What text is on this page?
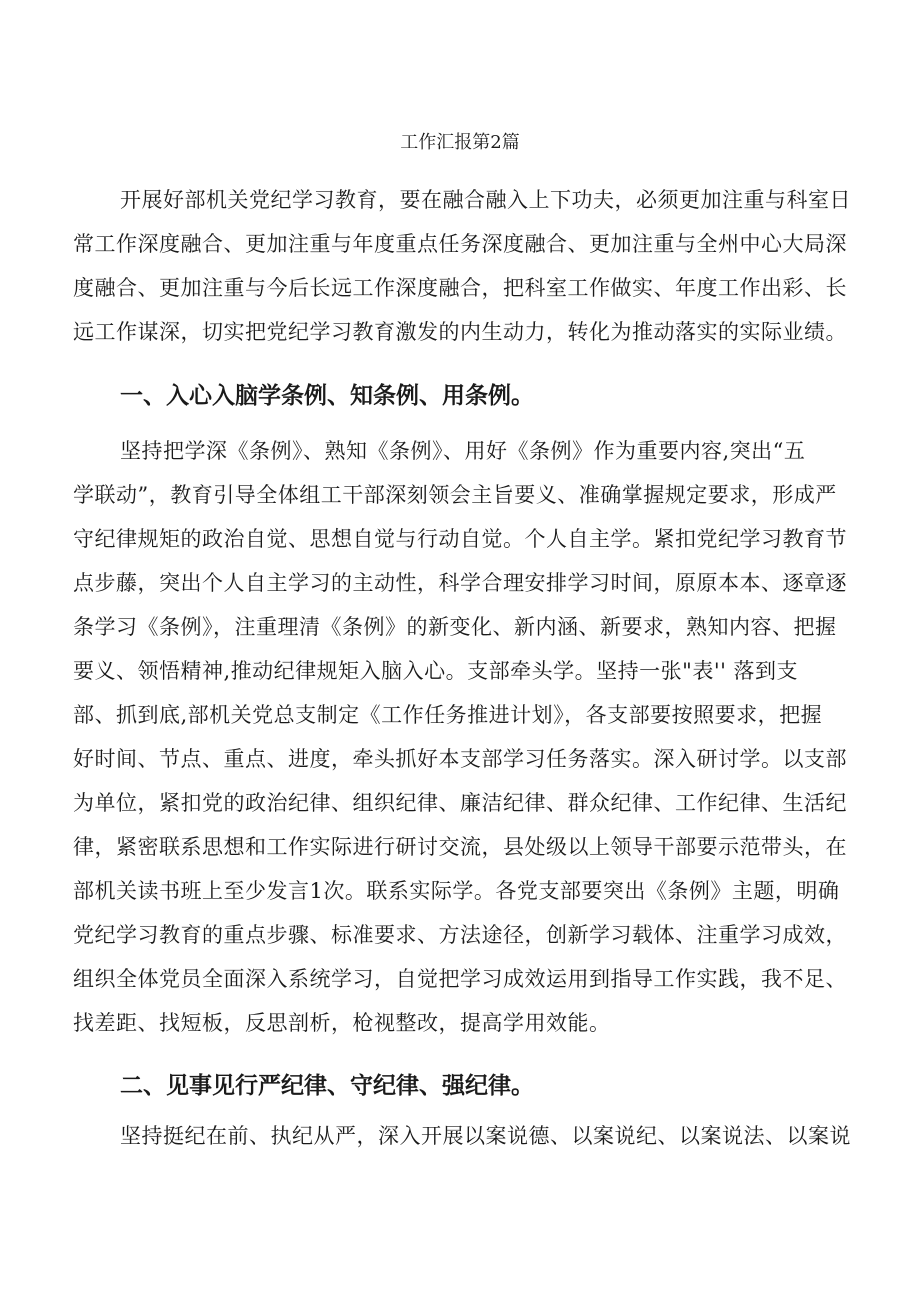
工作汇报第2篇
开展好部机关党纪学习教育，要在融合融入上下功夫，必须更加注重与科室日
常工作深度融合、更加注重与年度重点任务深度融合、更加注重与全州中心大局深
度融合、更加注重与今后长远工作深度融合，把科室工作做实、年度工作出彩、长
远工作谋深，切实把党纪学习教育激发的内生动力，转化为推动落实的实际业绩。
一、入心入脑学条例、知条例、用条例。
坚持把学深《条例》、熟知《条例》、用好《条例》作为重要内容,突出“五
学联动”，教育引导全体组工干部深刻领会主旨要义、准确掌握规定要求，形成严
守纪律规矩的政治自觉、思想自觉与行动自觉。个人自主学。紧扣党纪学习教育节
点步藤，突出个人自主学习的主动性，科学合理安排学习时间，原原本本、逐章逐
条学习《条例》，注重理清《条例》的新变化、新内涵、新要求，熟知内容、把握
要义、领悟精神,推动纪律规矩入脑入心。支部牵头学。坚持一张"表'' 落到支
部、抓到底,部机关党总支制定《工作任务推进计划》，各支部要按照要求，把握
好时间、节点、重点、进度，牵头抓好本支部学习任务落实。深入研讨学。以支部
为单位，紧扣党的政治纪律、组织纪律、廉洁纪律、群众纪律、工作纪律、生活纪
律，紧密联系思想和工作实际进行研讨交流，县处级以上领导干部要示范带头，在
部机关读书班上至少发言1次。联系实际学。各党支部要突出《条例》主题，明确
党纪学习教育的重点步骤、标准要求、方法途径，创新学习载体、注重学习成效，
组织全体党员全面深入系统学习，自觉把学习成效运用到指导工作实践，我不足、
找差距、找短板，反思剖析，枪视整改，提高学用效能。
二、见事见行严纪律、守纪律、强纪律。
坚持挺纪在前、执纪从严，深入开展以案说德、以案说纪、以案说法、以案说
